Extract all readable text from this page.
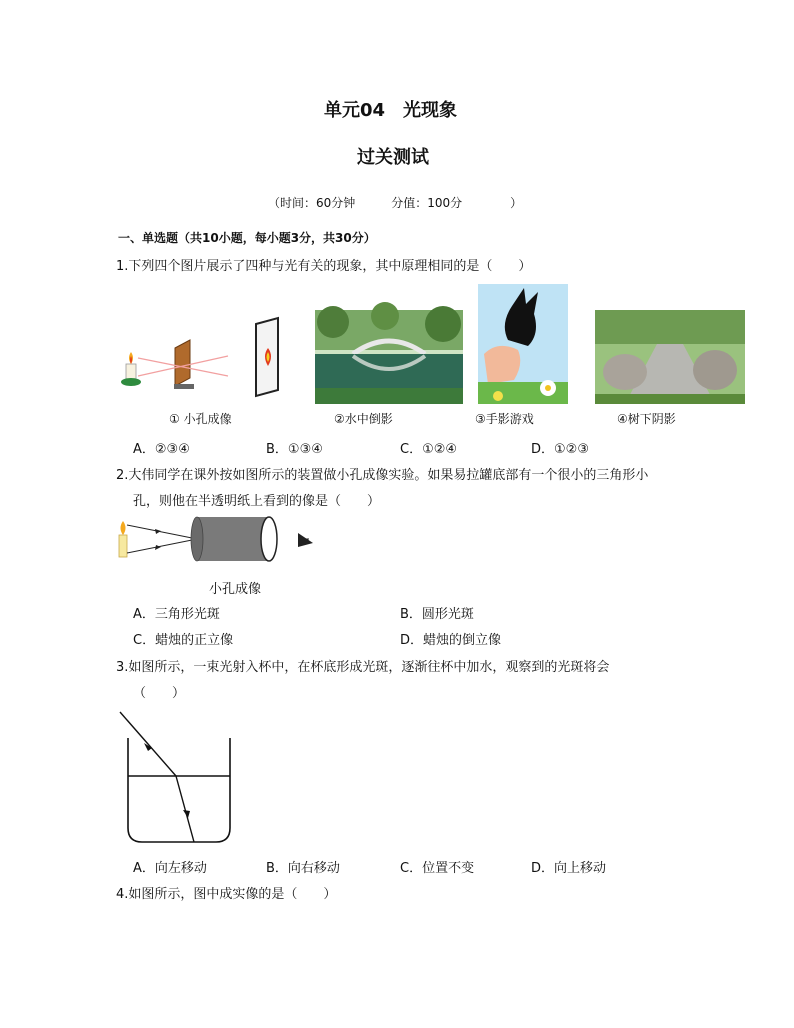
单元04　光现象
过关测试
（时间：60分钟　　　分值：100分　　　　）
一、单选题（共10小题，每小题3分，共30分）
1.下列四个图片展示了四种与光有关的现象，其中原理相同的是（　　）
① 小孔成像	②水中倒影	③手影游戏	④树下阴影
A．②③④	B．①③④	C．①②④	D．①②③
2.大伟同学在课外按如图所示的装置做小孔成像实验。如果易拉罐底部有一个很小的三角形小
孔，则他在半透明纸上看到的像是（　　）
小孔成像
A．三角形光斑	B．圆形光斑
C．蜡烛的正立像	D．蜡烛的倒立像
3.如图所示，一束光射入杯中，在杯底形成光斑，逐渐往杯中加水，观察到的光斑将会
（　　）
A．向左移动	B．向右移动	C．位置不变	D．向上移动
4.如图所示，图中成实像的是（　　）
